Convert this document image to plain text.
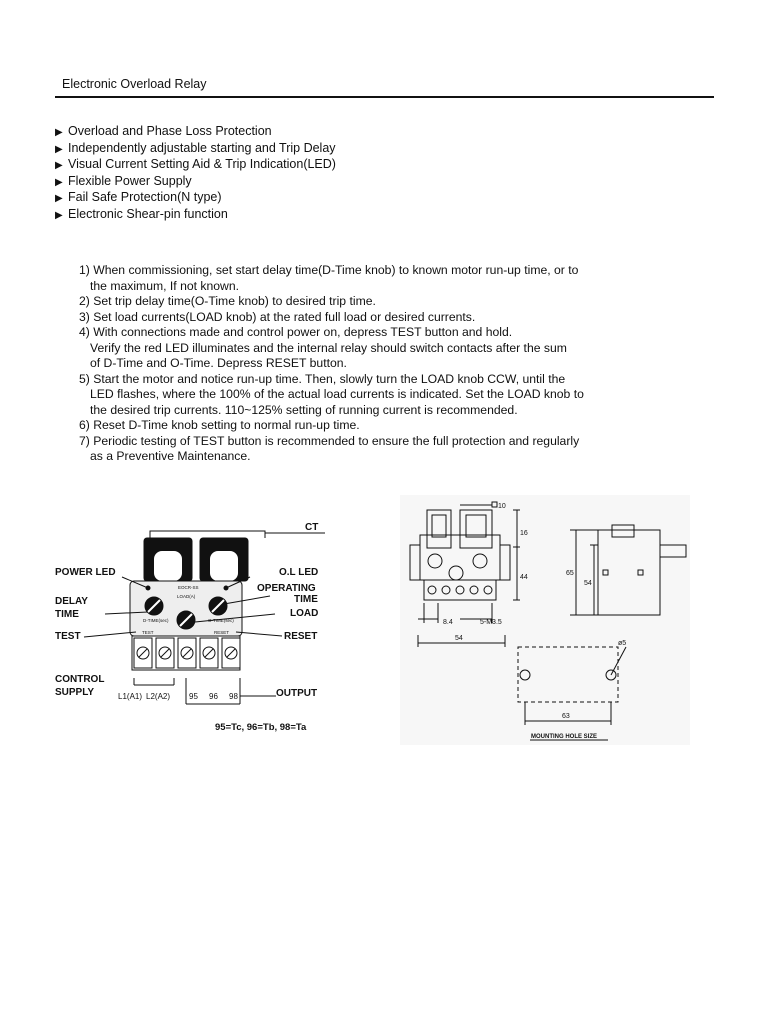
Electronic Overload Relay
▶ Overload and Phase Loss Protection
▶ Independently adjustable starting and Trip Delay
▶ Visual Current Setting Aid & Trip Indication(LED)
▶ Flexible Power Supply
▶ Fail Safe Protection(N type)
▶ Electronic Shear-pin function
1) When commissioning, set start delay time(D-Time knob) to known motor run-up time, or to
the maximum, If not known.
2) Set trip delay time(O-Time knob) to desired trip time.
3) Set load currents(LOAD knob) at the rated full load or desired currents.
4) With connections made and control power on, depress TEST button and hold.
Verify the red LED illuminates and the internal relay should switch contacts after the sum
of D-Time and O-Time. Depress RESET button.
5) Start the motor and notice run-up time. Then, slowly turn the LOAD knob CCW, until the
LED flashes, where the 100% of the actual load currents is indicated. Set the LOAD knob to
the desired trip currents. 110~125% setting of running current is recommended.
6) Reset D-Time knob setting to normal run-up time.
7) Periodic testing of TEST button is recommended to ensure the full protection and regularly
as a Preventive Maintenance.
CT
POWER LED	O.L LED
DELAY
TIME
OPERATING
TIME
LOAD
TEST	RESET
CONTROL
SUPPLY	OUTPUT
95=Tc, 96=Tb, 98=Ta
L1(A1) L2(A2) 95 96 98
EOCR-SS
LOAD(A)
D-TIME(sec)	O-TIME(sec)
TEST	RESET
10
16
44
8.4	5-M3.5
54
65
54
ø5
63
MOUNTING HOLE SIZE
